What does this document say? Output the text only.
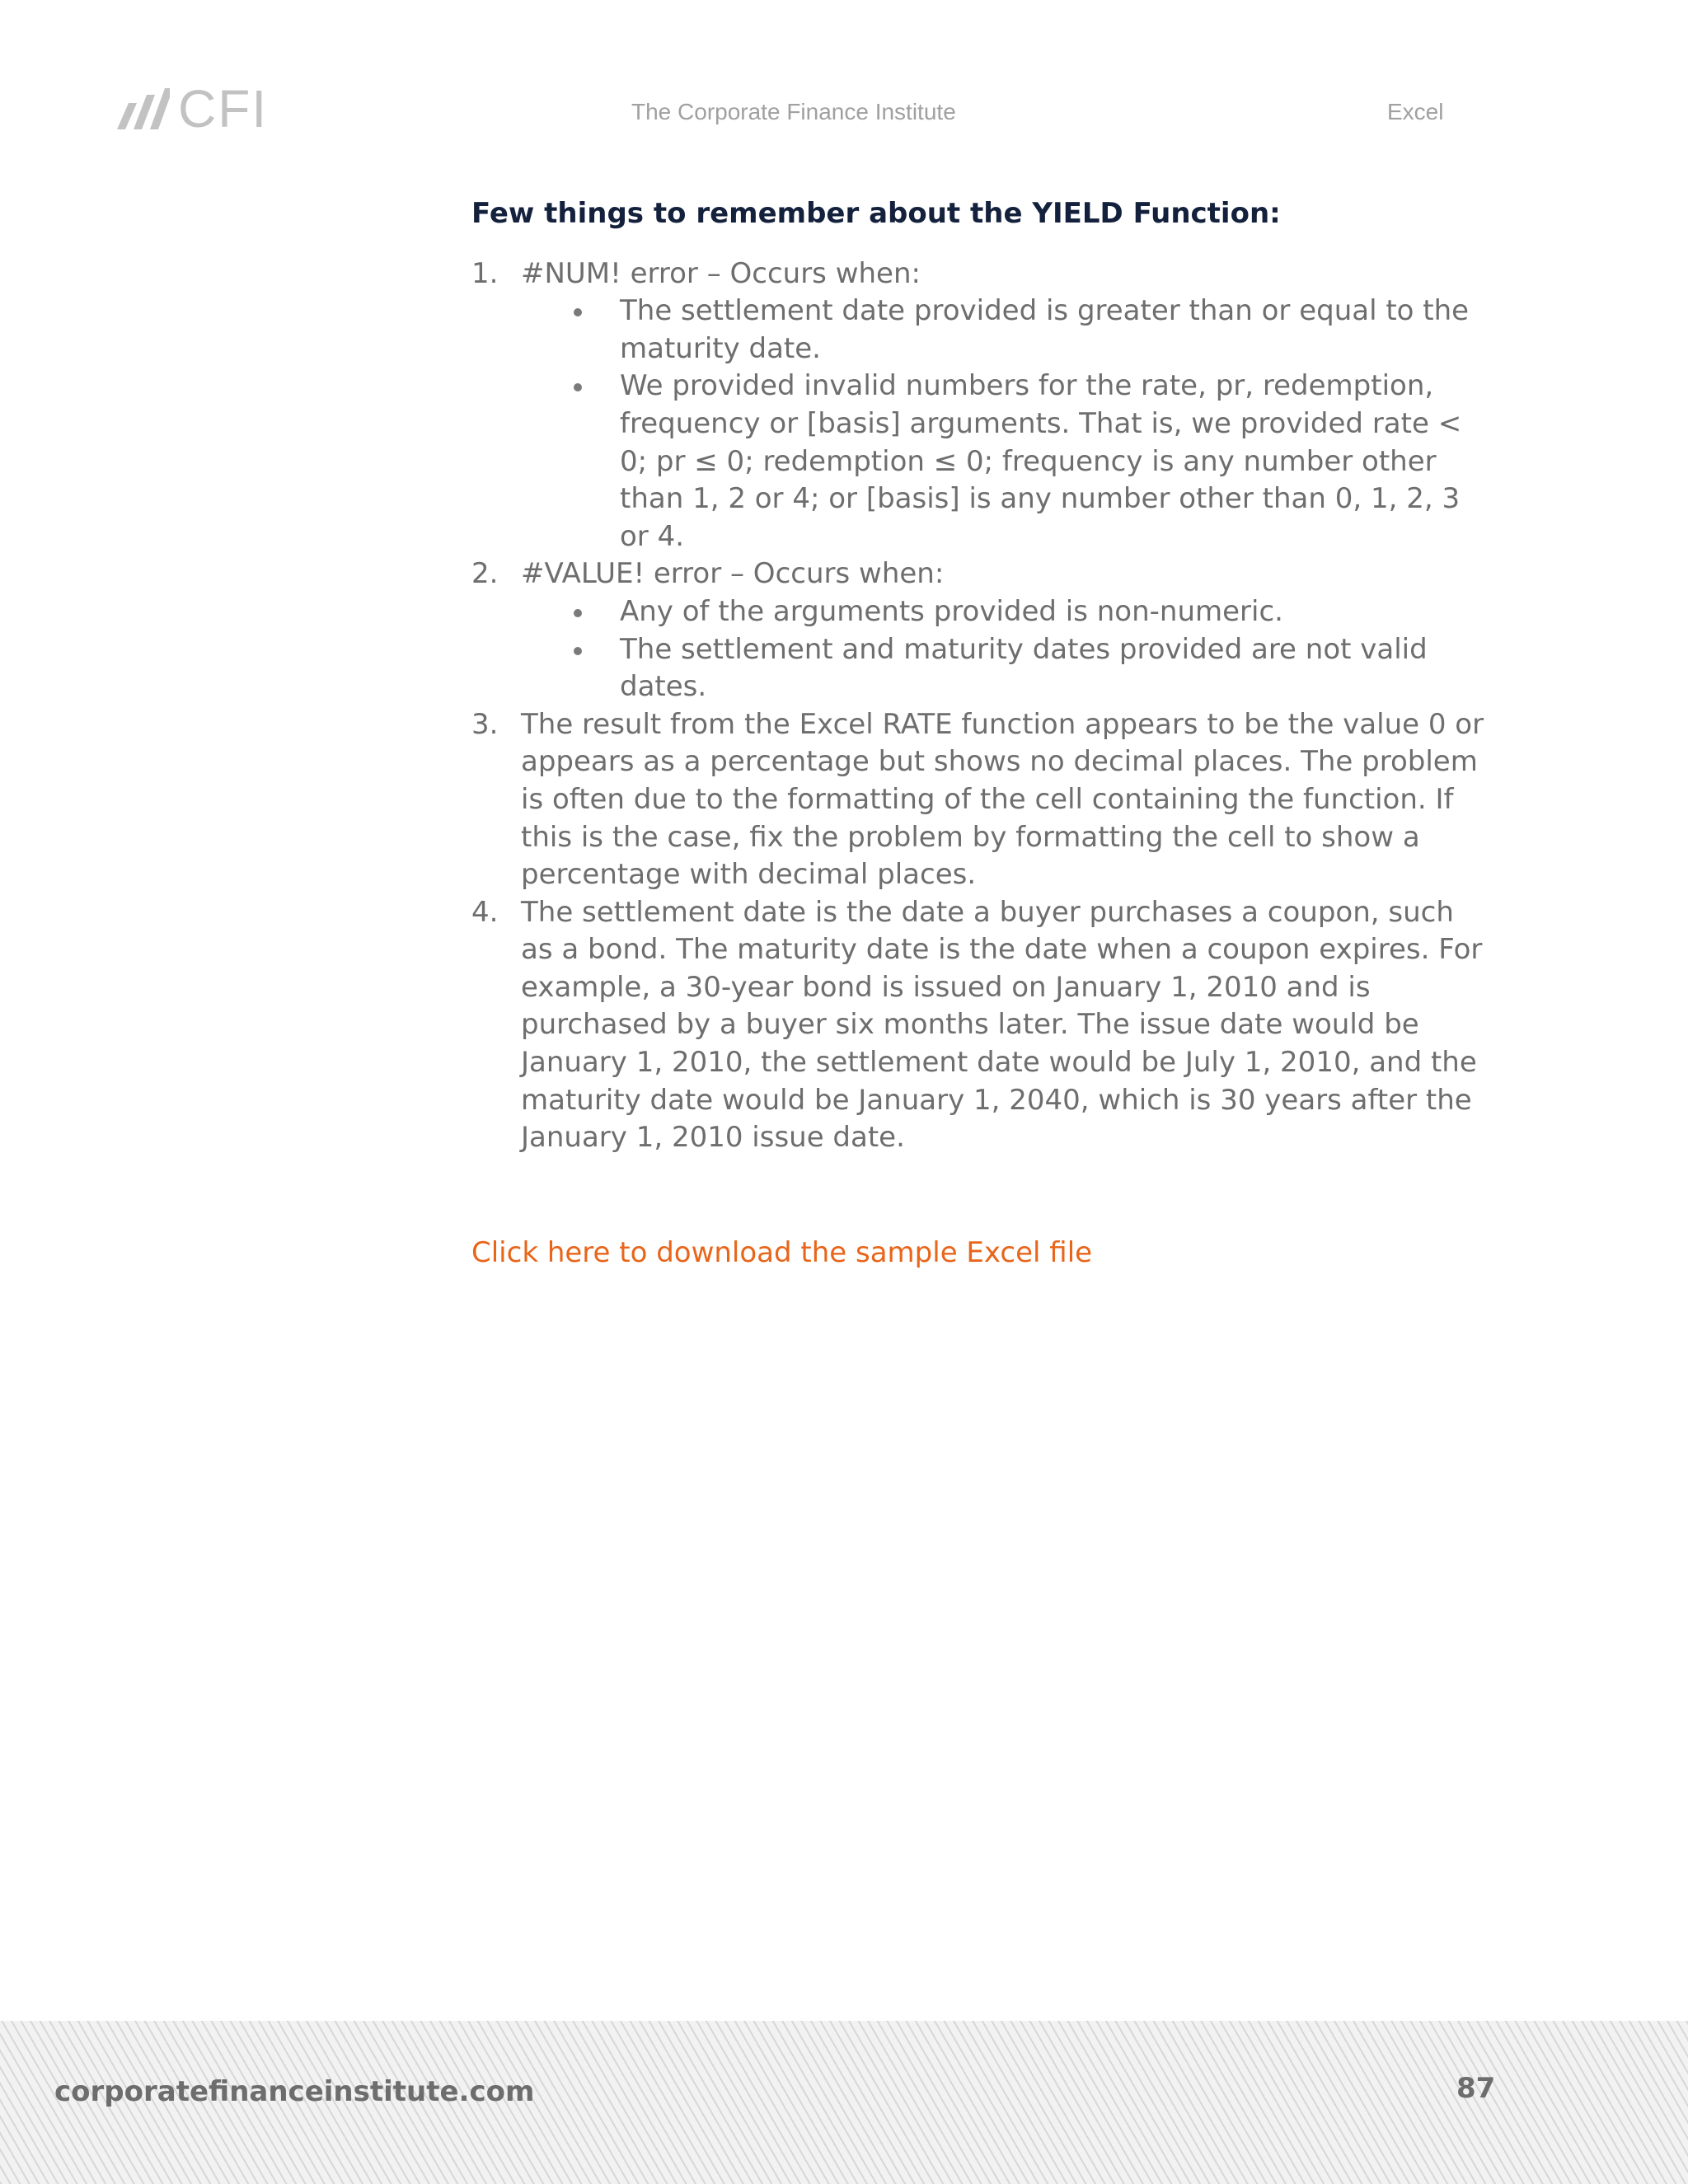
CFI	The Corporate Finance Institute	Excel
Few things to remember about the YIELD Function:
1. #NUM! error – Occurs when:
The settlement date provided is greater than or equal to the maturity date.
We provided invalid numbers for the rate, pr, redemption, frequency or [basis] arguments. That is, we provided rate < 0; pr ≤ 0; redemption ≤ 0; frequency is any number other than 1, 2 or 4; or [basis] is any number other than 0, 1, 2, 3 or 4.
2. #VALUE! error – Occurs when:
Any of the arguments provided is non-numeric.
The settlement and maturity dates provided are not valid dates.
3. The result from the Excel RATE function appears to be the value 0 or appears as a percentage but shows no decimal places. The problem is often due to the formatting of the cell containing the function. If this is the case, fix the problem by formatting the cell to show a percentage with decimal places.
4. The settlement date is the date a buyer purchases a coupon, such as a bond. The maturity date is the date when a coupon expires. For example, a 30-year bond is issued on January 1, 2010 and is purchased by a buyer six months later. The issue date would be January 1, 2010, the settlement date would be July 1, 2010, and the maturity date would be January 1, 2040, which is 30 years after the January 1, 2010 issue date.
Click here to download the sample Excel file
corporatefinanceinstitute.com	87
